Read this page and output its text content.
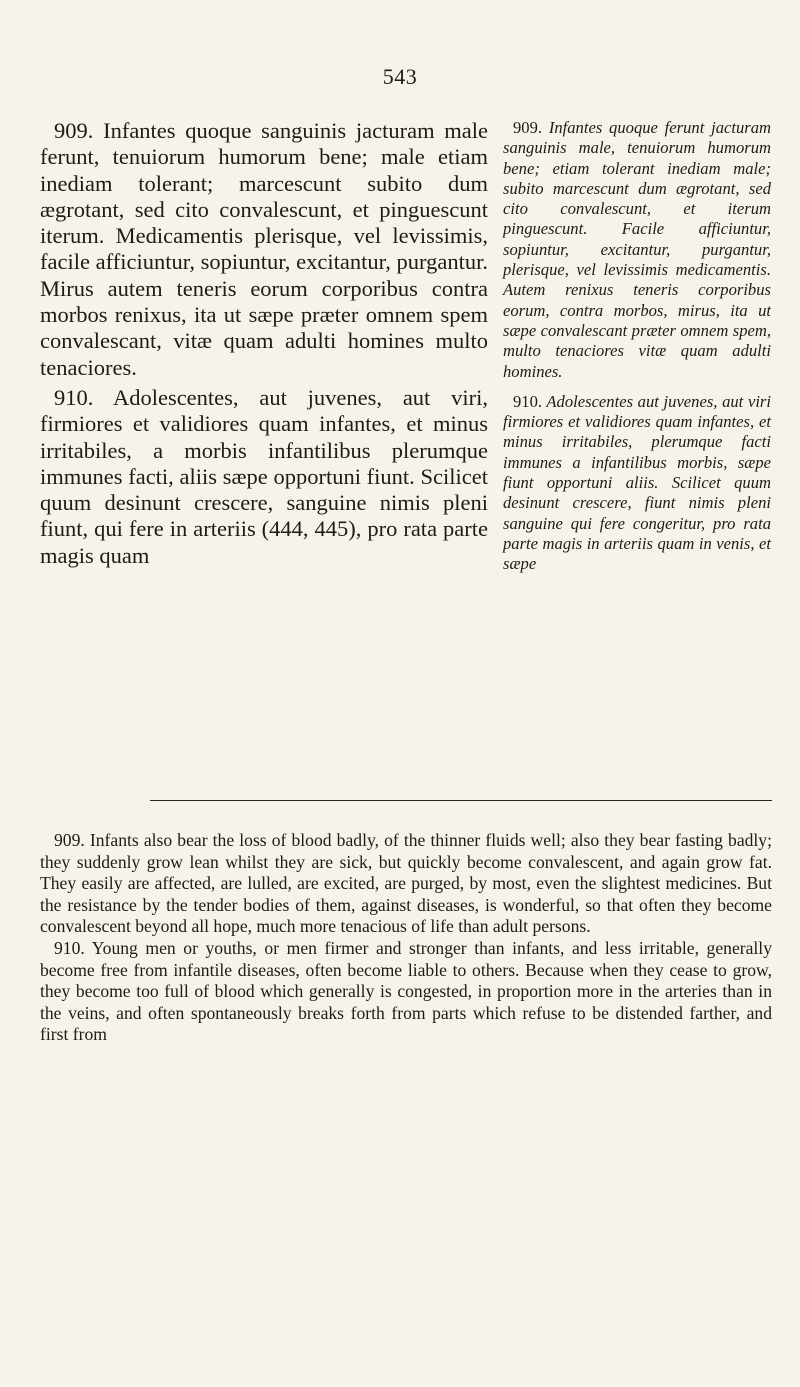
543

909. Infantes quoque sanguinis jacturam male ferunt, tenuiorum humorum bene; male etiam inediam tolerant; marcescunt subito dum ægrotant, sed cito convalescunt, et pinguescunt iterum. Medicamentis plerisque, vel levissimis, facile afficiuntur, sopiuntur, excitantur, purgantur. Mirus autem teneris eorum corporibus contra morbos renixus, ita ut sæpe præter omnem spem convalescant, vitæ quam adulti homines multo tenaciores.

910. Adolescentes, aut juvenes, aut viri, firmiores et validiores quam infantes, et minus irritabiles, a morbis infantilibus plerumque immunes facti, aliis sæpe opportuni fiunt. Scilicet quum desinunt crescere, sanguine nimis pleni fiunt, qui fere in arteriis (444, 445), pro rata parte magis quam

909. Infantes quoque ferunt jacturam sanguinis male, tenuiorum humorum bene; etiam tolerant inediam male; subito marcescunt dum ægrotant, sed cito convalescunt, et iterum pinguescunt. Facile afficiuntur, sopiuntur, excitantur, purgantur, plerisque, vel levissimis medicamentis. Autem renixus teneris corporibus eorum, contra morbos, mirus, ita ut sæpe convalescant præter omnem spem, multo tenaciores vitæ quam adulti homines.

910. Adolescentes aut juvenes, aut viri firmiores et validiores quam infantes, et minus irritabiles, plerumque facti immunes a infantilibus morbis, sæpe fiunt opportuni aliis. Scilicet quum desinunt crescere, fiunt nimis pleni sanguine qui fere congeritur, pro rata parte magis in arteriis quam in venis, et sæpe

909. Infants also bear the loss of blood badly, of the thinner fluids well; also they bear fasting badly; they suddenly grow lean whilst they are sick, but quickly become convalescent, and again grow fat. They easily are affected, are lulled, are excited, are purged, by most, even the slightest medicines. But the resistance by the tender bodies of them, against diseases, is wonderful, so that often they become convalescent beyond all hope, much more tenacious of life than adult persons.

910. Young men or youths, or men firmer and stronger than infants, and less irritable, generally become free from infantile diseases, often become liable to others. Because when they cease to grow, they become too full of blood which generally is congested, in proportion more in the arteries than in the veins, and often spontaneously breaks forth from parts which refuse to be distended farther, and first from
